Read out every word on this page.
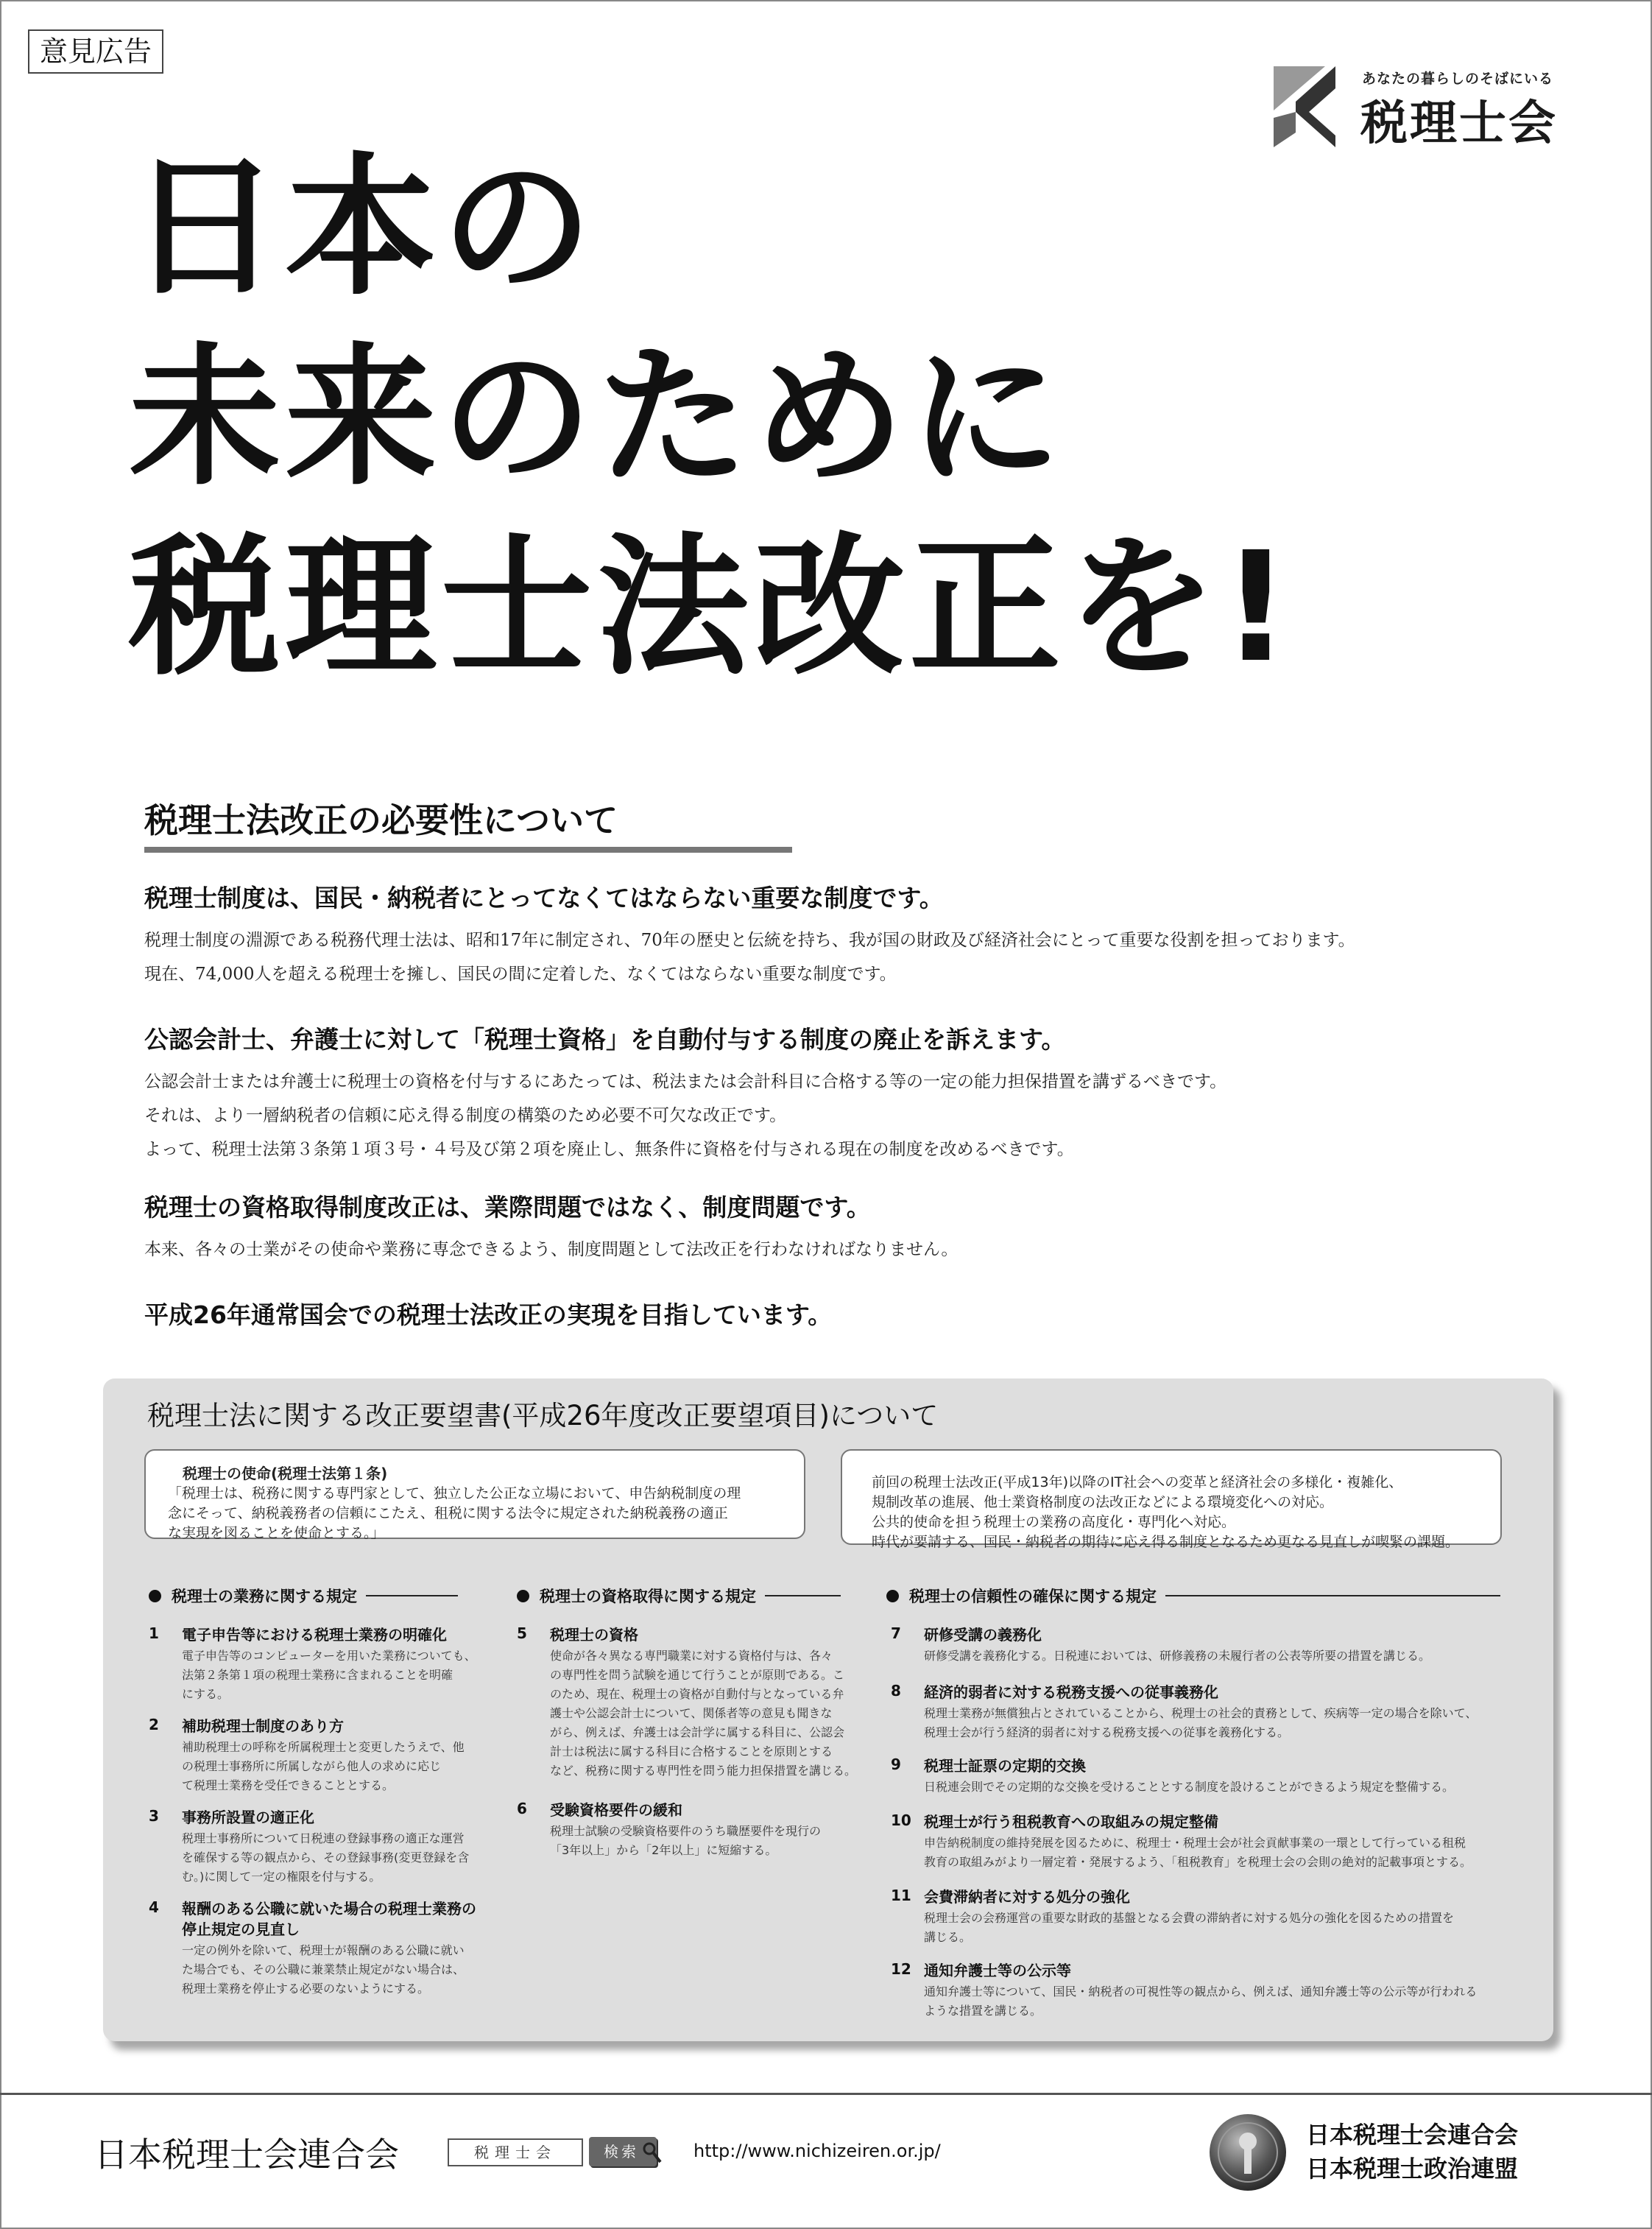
意見広告
あなたの暮らしのそばにいる
税理士会
日本の
未来のために
税理士法改正を!
税理士法改正の必要性について
税理士制度は、国民・納税者にとってなくてはならない重要な制度です。

税理士制度の淵源である税務代理士法は、昭和17年に制定され、70年の歴史と伝統を持ち、我が国の財政及び経済社会にとって重要な役割を担っております。

現在、74,000人を超える税理士を擁し、国民の間に定着した、なくてはならない重要な制度です。

公認会計士、弁護士に対して「税理士資格」を自動付与する制度の廃止を訴えます。

公認会計士または弁護士に税理士の資格を付与するにあたっては、税法または会計科目に合格する等の一定の能力担保措置を講ずるべきです。

それは、より一層納税者の信頼に応え得る制度の構築のため必要不可欠な改正です。

よって、税理士法第３条第１項３号・４号及び第２項を廃止し、無条件に資格を付与される現在の制度を改めるべきです。

税理士の資格取得制度改正は、業際問題ではなく、制度問題です。

本来、各々の士業がその使命や業務に専念できるよう、制度問題として法改正を行わなければなりません。

平成26年通常国会での税理士法改正の実現を目指しています。
税理士法に関する改正要望書(平成26年度改正要望項目)について
税理士の使命(税理士法第１条)
「税理士は、税務に関する専門家として、独立した公正な立場において、申告納税制度の理
念にそって、納税義務者の信頼にこたえ、租税に関する法令に規定された納税義務の適正
な実現を図ることを使命とする。」
前回の税理士法改正(平成13年)以降のIT社会への変革と経済社会の多様化・複雑化、
規制改革の進展、他士業資格制度の法改正などによる環境変化への対応。
公共的使命を担う税理士の業務の高度化・専門化へ対応。
時代が要請する、国民・納税者の期待に応え得る制度となるため更なる見直しが喫緊の課題。
税理士の業務に関する規定
1 電子申告等における税理士業務の明確化
電子申告等のコンピューターを用いた業務についても、
法第２条第１項の税理士業務に含まれることを明確
にする。
2 補助税理士制度のあり方
補助税理士の呼称を所属税理士と変更したうえで、他
の税理士事務所に所属しながら他人の求めに応じ
て税理士業務を受任できることとする。
3 事務所設置の適正化
税理士事務所について日税連の登録事務の適正な運営
を確保する等の観点から、その登録事務(変更登録を含
む。)に関して一定の権限を付与する。
4 報酬のある公職に就いた場合の税理士業務の
停止規定の見直し
一定の例外を除いて、税理士が報酬のある公職に就い
た場合でも、その公職に兼業禁止規定がない場合は、
税理士業務を停止する必要のないようにする。
税理士の資格取得に関する規定
5 税理士の資格
使命が各々異なる専門職業に対する資格付与は、各々
の専門性を問う試験を通じて行うことが原則である。こ
のため、現在、税理士の資格が自動付与となっている弁
護士や公認会計士について、関係者等の意見も聞きな
がら、例えば、弁護士は会計学に属する科目に、公認会
計士は税法に属する科目に合格することを原則とする
など、税務に関する専門性を問う能力担保措置を講じる。
6 受験資格要件の緩和
税理士試験の受験資格要件のうち職歴要件を現行の
「3年以上」から「2年以上」に短縮する。
税理士の信頼性の確保に関する規定
7 研修受講の義務化
研修受講を義務化する。日税連においては、研修義務の未履行者の公表等所要の措置を講じる。
8 経済的弱者に対する税務支援への従事義務化
税理士業務が無償独占とされていることから、税理士の社会的責務として、疾病等一定の場合を除いて、
税理士会が行う経済的弱者に対する税務支援への従事を義務化する。
9 税理士証票の定期的交換
日税連会則でその定期的な交換を受けることとする制度を設けることができるよう規定を整備する。
10 税理士が行う租税教育への取組みの規定整備
申告納税制度の維持発展を図るために、税理士・税理士会が社会貢献事業の一環として行っている租税
教育の取組みがより一層定着・発展するよう、「租税教育」を税理士会の会則の絶対的記載事項とする。
11 会費滞納者に対する処分の強化
税理士会の会務運営の重要な財政的基盤となる会費の滞納者に対する処分の強化を図るための措置を
講じる。
12 通知弁護士等の公示等
通知弁護士等について、国民・納税者の可視性等の観点から、例えば、通知弁護士等の公示等が行われる
ような措置を講じる。
日本税理士会連合会	税理士会	検索	http://www.nichizeiren.or.jp/
日本税理士会連合会
日本税理士政治連盟
